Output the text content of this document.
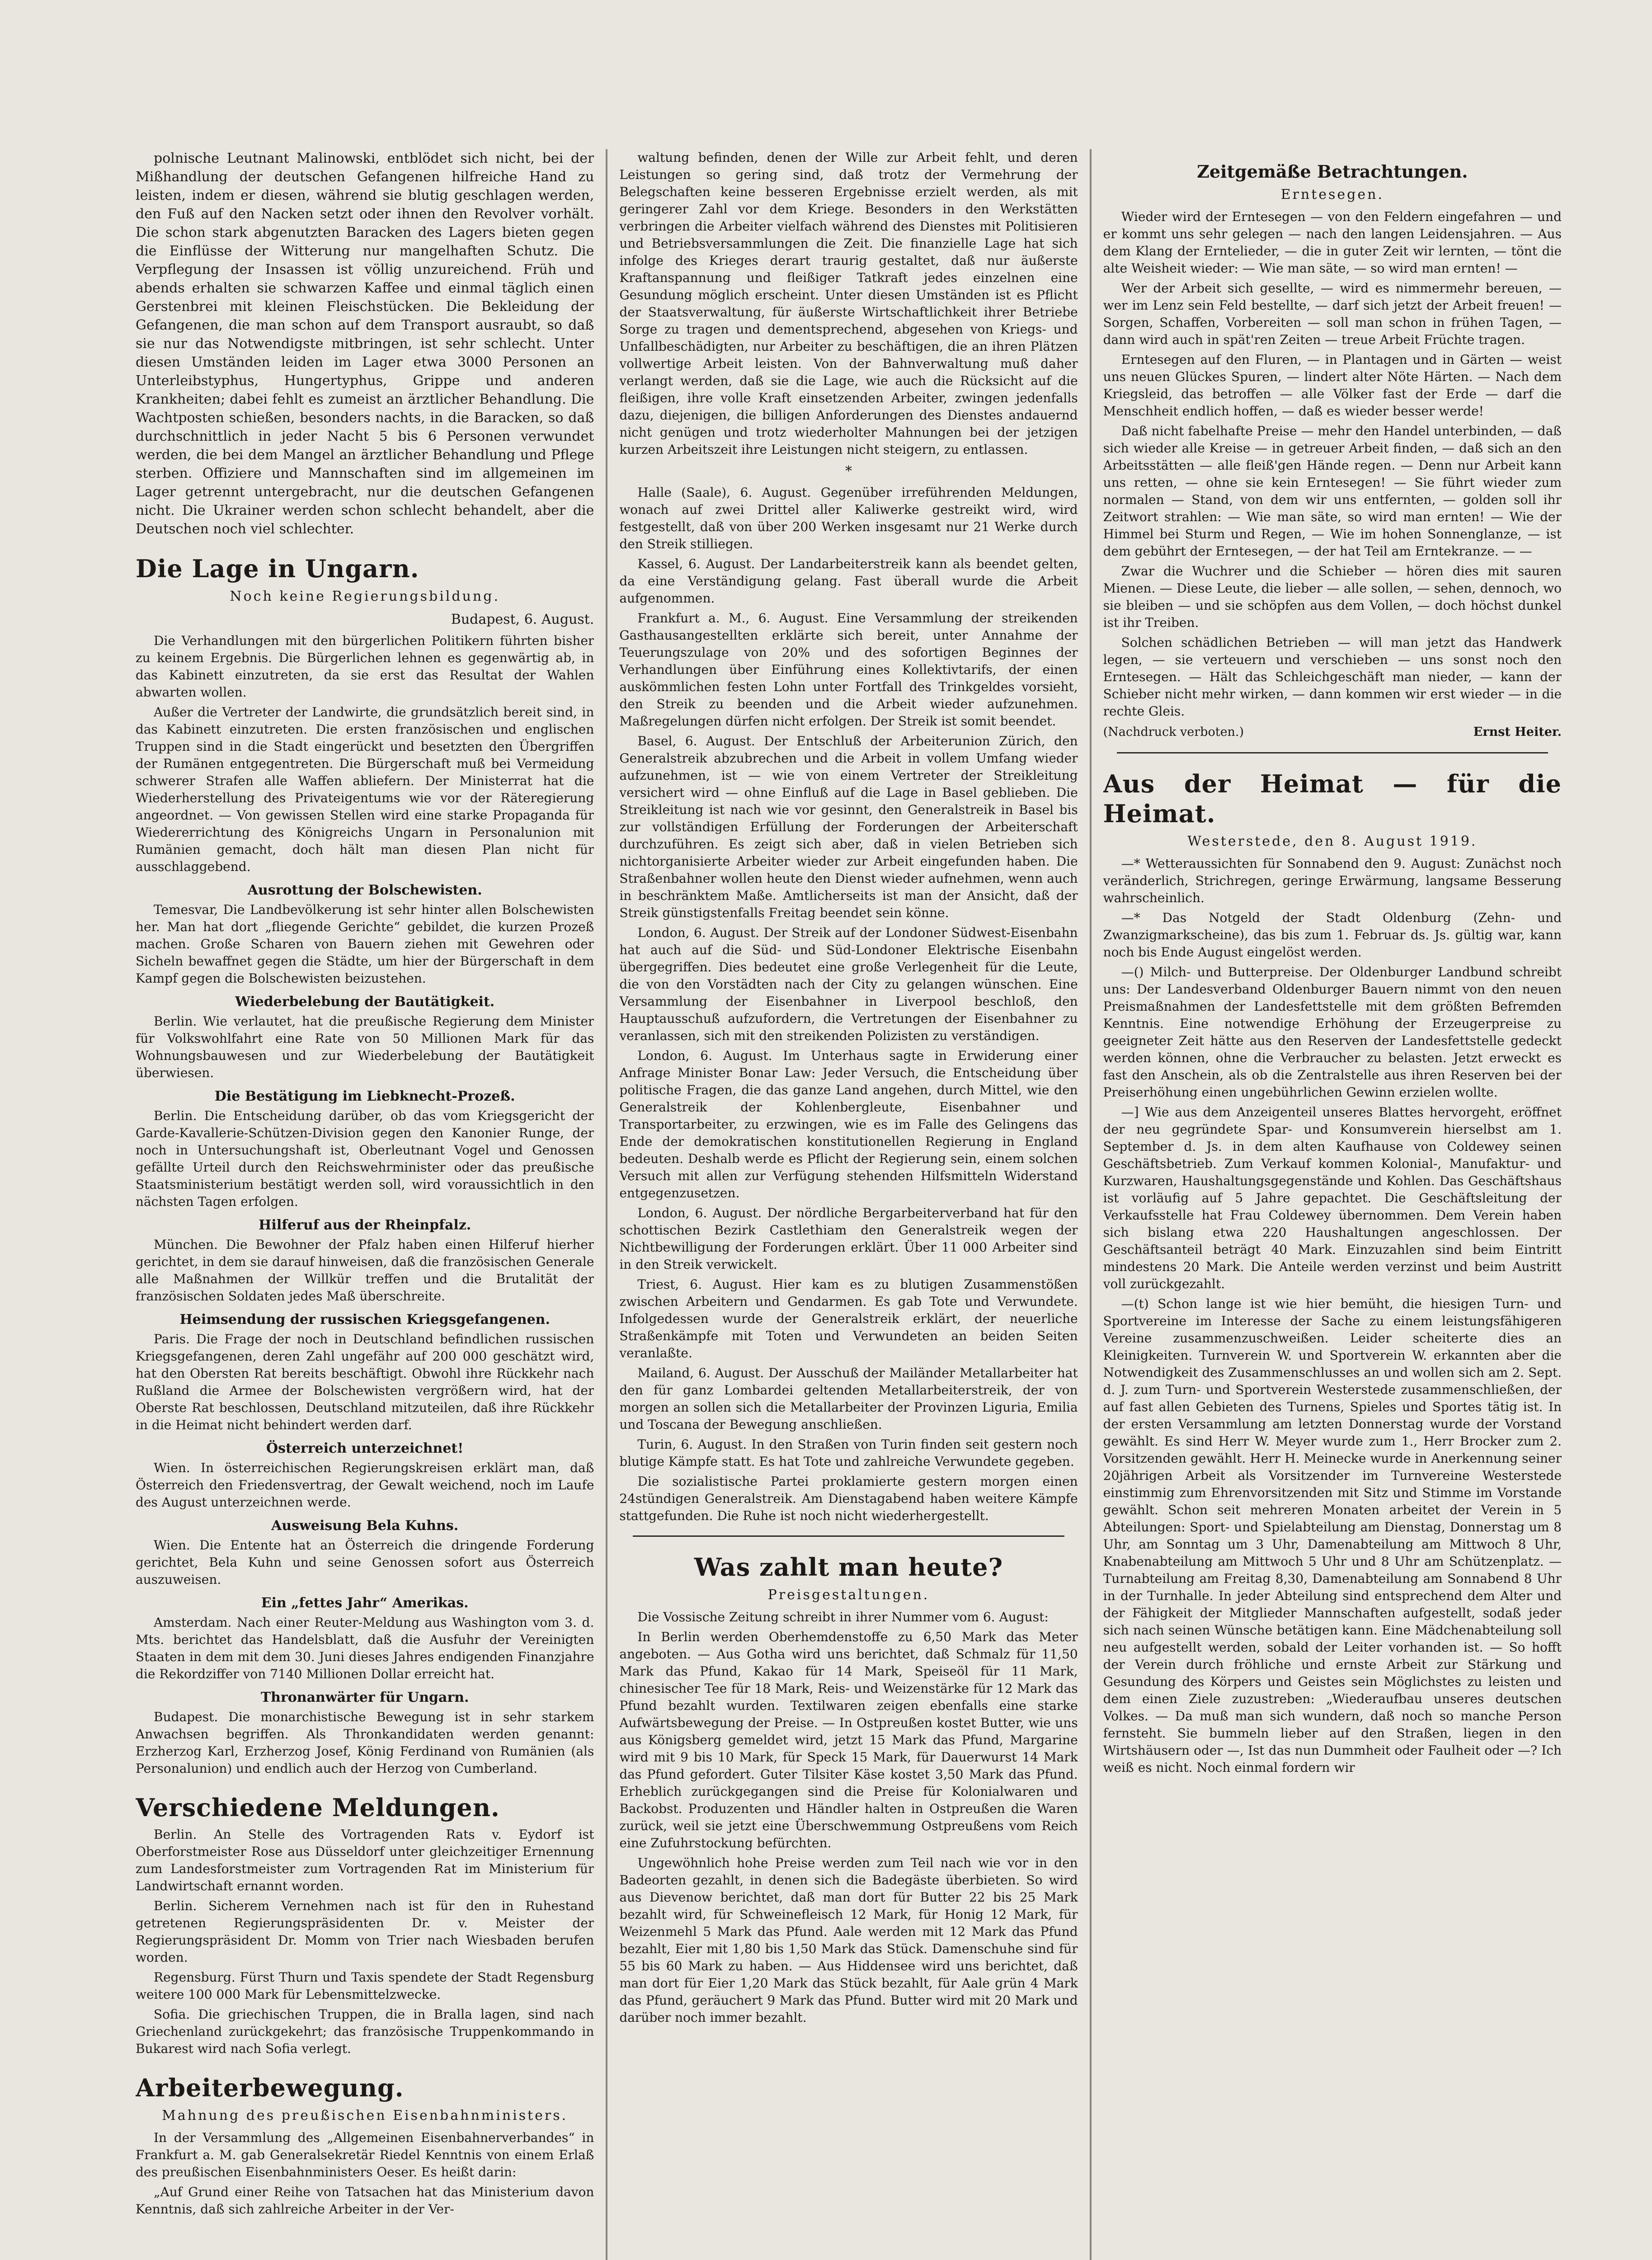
polnische Leutnant Malinowski, entblödet sich nicht, bei der Mißhandlung der deutschen Gefangenen hilfreiche Hand zu leisten, indem er diesen, während sie blutig geschlagen werden, den Fuß auf den Nacken setzt oder ihnen den Revolver vorhält. Die schon stark abgenutzten Baracken des Lagers bieten gegen die Einflüsse der Witterung nur mangelhaften Schutz. Die Verpflegung der Insassen ist völlig unzureichend. Früh und abends erhalten sie schwarzen Kaffee und einmal täglich einen Gerstenbrei mit kleinen Fleischstücken. Die Bekleidung der Gefangenen, die man schon auf dem Transport ausraubt, so daß sie nur das Notwendigste mitbringen, ist sehr schlecht. Unter diesen Umständen leiden im Lager etwa 3000 Personen an Unterleibstyphus, Hungertyphus, Grippe und anderen Krankheiten; dabei fehlt es zumeist an ärztlicher Behandlung. Die Wachtposten schießen, besonders nachts, in die Baracken, so daß durchschnittlich in jeder Nacht 5 bis 6 Personen verwundet werden, die bei dem Mangel an ärztlicher Behandlung und Pflege sterben. Offiziere und Mannschaften sind im allgemeinen im Lager getrennt untergebracht, nur die deutschen Gefangenen nicht. Die Ukrainer werden schon schlecht behandelt, aber die Deutschen noch viel schlechter.

Die Lage in Ungarn.
Noch keine Regierungsbildung.
Budapest, 6. August.

Die Verhandlungen mit den bürgerlichen Politikern führten bisher zu keinem Ergebnis. Die Bürgerlichen lehnen es gegenwärtig ab, in das Kabinett einzutreten, da sie erst das Resultat der Wahlen abwarten wollen.

Außer die Vertreter der Landwirte, die grundsätzlich bereit sind, in das Kabinett einzutreten. Die ersten französischen und englischen Truppen sind in die Stadt eingerückt und besetzten den Übergriffen der Rumänen entgegentreten. Die Bürgerschaft muß bei Vermeidung schwerer Strafen alle Waffen abliefern. Der Ministerrat hat die Wiederherstellung des Privateigentums wie vor der Räteregierung angeordnet. — Von gewissen Stellen wird eine starke Propaganda für Wiedererrichtung des Königreichs Ungarn in Personalunion mit Rumänien gemacht, doch hält man diesen Plan nicht für ausschlaggebend.

Ausrottung der Bolschewisten.

Temesvar, Die Landbevölkerung ist sehr hinter allen Bolschewisten her. Man hat dort „fliegende Gerichte“ gebildet, die kurzen Prozeß machen. Große Scharen von Bauern ziehen mit Gewehren oder Sicheln bewaffnet gegen die Städte, um hier der Bürgerschaft in dem Kampf gegen die Bolschewisten beizustehen.

Wiederbelebung der Bautätigkeit.

Berlin. Wie verlautet, hat die preußische Regierung dem Minister für Volkswohlfahrt eine Rate von 50 Millionen Mark für das Wohnungsbauwesen und zur Wiederbelebung der Bautätigkeit überwiesen.

Die Bestätigung im Liebknecht-Prozeß.

Berlin. Die Entscheidung darüber, ob das vom Kriegsgericht der Garde-Kavallerie-Schützen-Division gegen den Kanonier Runge, der noch in Untersuchungshaft ist, Oberleutnant Vogel und Genossen gefällte Urteil durch den Reichswehrminister oder das preußische Staatsministerium bestätigt werden soll, wird voraussichtlich in den nächsten Tagen erfolgen.

Hilferuf aus der Rheinpfalz.

München. Die Bewohner der Pfalz haben einen Hilferuf hierher gerichtet, in dem sie darauf hinweisen, daß die französischen Generale alle Maßnahmen der Willkür treffen und die Brutalität der französischen Soldaten jedes Maß überschreite.

Heimsendung der russischen Kriegsgefangenen.

Paris. Die Frage der noch in Deutschland befindlichen russischen Kriegsgefangenen, deren Zahl ungefähr auf 200 000 geschätzt wird, hat den Obersten Rat bereits beschäftigt. Obwohl ihre Rückkehr nach Rußland die Armee der Bolschewisten vergrößern wird, hat der Oberste Rat beschlossen, Deutschland mitzuteilen, daß ihre Rückkehr in die Heimat nicht behindert werden darf.

Österreich unterzeichnet!

Wien. In österreichischen Regierungskreisen erklärt man, daß Österreich den Friedensvertrag, der Gewalt weichend, noch im Laufe des August unterzeichnen werde.

Ausweisung Bela Kuhns.

Wien. Die Entente hat an Österreich die dringende Forderung gerichtet, Bela Kuhn und seine Genossen sofort aus Österreich auszuweisen.

Ein „fettes Jahr“ Amerikas.

Amsterdam. Nach einer Reuter-Meldung aus Washington vom 3. d. Mts. berichtet das Handelsblatt, daß die Ausfuhr der Vereinigten Staaten in dem mit dem 30. Juni dieses Jahres endigenden Finanzjahre die Rekordziffer von 7140 Millionen Dollar erreicht hat.

Thronanwärter für Ungarn.

Budapest. Die monarchistische Bewegung ist in sehr starkem Anwachsen begriffen. Als Thronkandidaten werden genannt: Erzherzog Karl, Erzherzog Josef, König Ferdinand von Rumänien (als Personalunion) und endlich auch der Herzog von Cumberland.

Verschiedene Meldungen.

Berlin. An Stelle des Vortragenden Rats v. Eydorf ist Oberforstmeister Rose aus Düsseldorf unter gleichzeitiger Ernennung zum Landesforstmeister zum Vortragenden Rat im Ministerium für Landwirtschaft ernannt worden.

Berlin. Sicherem Vernehmen nach ist für den in Ruhestand getretenen Regierungspräsidenten Dr. v. Meister der Regierungspräsident Dr. Momm von Trier nach Wiesbaden berufen worden.

Regensburg. Fürst Thurn und Taxis spendete der Stadt Regensburg weitere 100 000 Mark für Lebensmittelzwecke.

Sofia. Die griechischen Truppen, die in Bralla lagen, sind nach Griechenland zurückgekehrt; das französische Truppenkommando in Bukarest wird nach Sofia verlegt.

Arbeiterbewegung.
Mahnung des preußischen Eisenbahnministers.

In der Versammlung des „Allgemeinen Eisenbahnerverbandes“ in Frankfurt a. M. gab Generalsekretär Riedel Kenntnis von einem Erlaß des preußischen Eisenbahnministers Oeser. Es heißt darin:

„Auf Grund einer Reihe von Tatsachen hat das Ministerium davon Kenntnis, daß sich zahlreiche Arbeiter in der Ver-

waltung befinden, denen der Wille zur Arbeit fehlt, und deren Leistungen so gering sind, daß trotz der Vermehrung der Belegschaften keine besseren Ergebnisse erzielt werden, als mit geringerer Zahl vor dem Kriege. Besonders in den Werkstätten verbringen die Arbeiter vielfach während des Dienstes mit Politisieren und Betriebsversammlungen die Zeit. Die finanzielle Lage hat sich infolge des Krieges derart traurig gestaltet, daß nur äußerste Kraftanspannung und fleißiger Tatkraft jedes einzelnen eine Gesundung möglich erscheint. Unter diesen Umständen ist es Pflicht der Staatsverwaltung, für äußerste Wirtschaftlichkeit ihrer Betriebe Sorge zu tragen und dementsprechend, abgesehen von Kriegs- und Unfallbeschädigten, nur Arbeiter zu beschäftigen, die an ihren Plätzen vollwertige Arbeit leisten. Von der Bahnverwaltung muß daher verlangt werden, daß sie die Lage, wie auch die Rücksicht auf die fleißigen, ihre volle Kraft einsetzenden Arbeiter, zwingen jedenfalls dazu, diejenigen, die billigen Anforderungen des Dienstes andauernd nicht genügen und trotz wiederholter Mahnungen bei der jetzigen kurzen Arbeitszeit ihre Leistungen nicht steigern, zu entlassen.

*

Halle (Saale), 6. August. Gegenüber irreführenden Meldungen, wonach auf zwei Drittel aller Kaliwerke gestreikt wird, wird festgestellt, daß von über 200 Werken insgesamt nur 21 Werke durch den Streik stilliegen.

Kassel, 6. August. Der Landarbeiterstreik kann als beendet gelten, da eine Verständigung gelang. Fast überall wurde die Arbeit aufgenommen.

Frankfurt a. M., 6. August. Eine Versammlung der streikenden Gasthausangestellten erklärte sich bereit, unter Annahme der Teuerungszulage von 20% und des sofortigen Beginnes der Verhandlungen über Einführung eines Kollektivtarifs, der einen auskömmlichen festen Lohn unter Fortfall des Trinkgeldes vorsieht, den Streik zu beenden und die Arbeit wieder aufzunehmen. Maßregelungen dürfen nicht erfolgen. Der Streik ist somit beendet.

Basel, 6. August. Der Entschluß der Arbeiterunion Zürich, den Generalstreik abzubrechen und die Arbeit in vollem Umfang wieder aufzunehmen, ist — wie von einem Vertreter der Streikleitung versichert wird — ohne Einfluß auf die Lage in Basel geblieben. Die Streikleitung ist nach wie vor gesinnt, den Generalstreik in Basel bis zur vollständigen Erfüllung der Forderungen der Arbeiterschaft durchzuführen. Es zeigt sich aber, daß in vielen Betrieben sich nichtorganisierte Arbeiter wieder zur Arbeit eingefunden haben. Die Straßenbahner wollen heute den Dienst wieder aufnehmen, wenn auch in beschränktem Maße. Amtlicherseits ist man der Ansicht, daß der Streik günstigstenfalls Freitag beendet sein könne.

London, 6. August. Der Streik auf der Londoner Südwest-Eisenbahn hat auch auf die Süd- und Süd-Londoner Elektrische Eisenbahn übergegriffen. Dies bedeutet eine große Verlegenheit für die Leute, die von den Vorstädten nach der City zu gelangen wünschen. Eine Versammlung der Eisenbahner in Liverpool beschloß, den Hauptausschuß aufzufordern, die Vertretungen der Eisenbahner zu veranlassen, sich mit den streikenden Polizisten zu verständigen.

London, 6. August. Im Unterhaus sagte in Erwiderung einer Anfrage Minister Bonar Law: Jeder Versuch, die Entscheidung über politische Fragen, die das ganze Land angehen, durch Mittel, wie den Generalstreik der Kohlenbergleute, Eisenbahner und Transportarbeiter, zu erzwingen, wie es im Falle des Gelingens das Ende der demokratischen konstitutionellen Regierung in England bedeuten. Deshalb werde es Pflicht der Regierung sein, einem solchen Versuch mit allen zur Verfügung stehenden Hilfsmitteln Widerstand entgegenzusetzen.

London, 6. August. Der nördliche Bergarbeiterverband hat für den schottischen Bezirk Castlethiam den Generalstreik wegen der Nichtbewilligung der Forderungen erklärt. Über 11 000 Arbeiter sind in den Streik verwickelt.

Triest, 6. August. Hier kam es zu blutigen Zusammenstößen zwischen Arbeitern und Gendarmen. Es gab Tote und Verwundete. Infolgedessen wurde der Generalstreik erklärt, der neuerliche Straßenkämpfe mit Toten und Verwundeten an beiden Seiten veranlaßte.

Mailand, 6. August. Der Ausschuß der Mailänder Metallarbeiter hat den für ganz Lombardei geltenden Metallarbeiterstreik, der von morgen an sollen sich die Metallarbeiter der Provinzen Liguria, Emilia und Toscana der Bewegung anschließen.

Turin, 6. August. In den Straßen von Turin finden seit gestern noch blutige Kämpfe statt. Es hat Tote und zahlreiche Verwundete gegeben.

Die sozialistische Partei proklamierte gestern morgen einen 24stündigen Generalstreik. Am Dienstagabend haben weitere Kämpfe stattgefunden. Die Ruhe ist noch nicht wiederhergestellt.

Was zahlt man heute?
Preisgestaltungen.

Die Vossische Zeitung schreibt in ihrer Nummer vom 6. August:

In Berlin werden Oberhemdenstoffe zu 6,50 Mark das Meter angeboten. — Aus Gotha wird uns berichtet, daß Schmalz für 11,50 Mark das Pfund, Kakao für 14 Mark, Speiseöl für 11 Mark, chinesischer Tee für 18 Mark, Reis- und Weizenstärke für 12 Mark das Pfund bezahlt wurden. Textilwaren zeigen ebenfalls eine starke Aufwärtsbewegung der Preise. — In Ostpreußen kostet Butter, wie uns aus Königsberg gemeldet wird, jetzt 15 Mark das Pfund, Margarine wird mit 9 bis 10 Mark, für Speck 15 Mark, für Dauerwurst 14 Mark das Pfund gefordert. Guter Tilsiter Käse kostet 3,50 Mark das Pfund. Erheblich zurückgegangen sind die Preise für Kolonialwaren und Backobst. Produzenten und Händler halten in Ostpreußen die Waren zurück, weil sie jetzt eine Überschwemmung Ostpreußens vom Reich eine Zufuhrstockung befürchten.

Ungewöhnlich hohe Preise werden zum Teil nach wie vor in den Badeorten gezahlt, in denen sich die Badegäste überbieten. So wird aus Dievenow berichtet, daß man dort für Butter 22 bis 25 Mark bezahlt wird, für Schweinefleisch 12 Mark, für Honig 12 Mark, für Weizenmehl 5 Mark das Pfund. Aale werden mit 12 Mark das Pfund bezahlt, Eier mit 1,80 bis 1,50 Mark das Stück. Damenschuhe sind für 55 bis 60 Mark zu haben. — Aus Hiddensee wird uns berichtet, daß man dort für Eier 1,20 Mark das Stück bezahlt, für Aale grün 4 Mark das Pfund, geräuchert 9 Mark das Pfund. Butter wird mit 20 Mark und darüber noch immer bezahlt.

Zeitgemäße Betrachtungen.
Erntesegen.

Wieder wird der Erntesegen — von den Feldern eingefahren — und er kommt uns sehr gelegen — nach den langen Leidensjahren. — Aus dem Klang der Erntelieder, — die in guter Zeit wir lernten, — tönt die alte Weisheit wieder: — Wie man säte, — so wird man ernten! —

Wer der Arbeit sich gesellte, — wird es nimmermehr bereuen, — wer im Lenz sein Feld bestellte, — darf sich jetzt der Arbeit freuen! — Sorgen, Schaffen, Vorbereiten — soll man schon in frühen Tagen, — dann wird auch in spät'ren Zeiten — treue Arbeit Früchte tragen.

Erntesegen auf den Fluren, — in Plantagen und in Gärten — weist uns neuen Glückes Spuren, — lindert alter Nöte Härten. — Nach dem Kriegsleid, das betroffen — alle Völker fast der Erde — darf die Menschheit endlich hoffen, — daß es wieder besser werde!

Daß nicht fabelhafte Preise — mehr den Handel unterbinden, — daß sich wieder alle Kreise — in getreuer Arbeit finden, — daß sich an den Arbeitsstätten — alle fleiß'gen Hände regen. — Denn nur Arbeit kann uns retten, — ohne sie kein Erntesegen! — Sie führt wieder zum normalen — Stand, von dem wir uns entfernten, — golden soll ihr Zeitwort strahlen: — Wie man säte, so wird man ernten! — Wie der Himmel bei Sturm und Regen, — Wie im hohen Sonnenglanze, — ist dem gebührt der Erntesegen, — der hat Teil am Erntekranze. — —

Zwar die Wuchrer und die Schieber — hören dies mit sauren Mienen. — Diese Leute, die lieber — alle sollen, — sehen, dennoch, wo sie bleiben — und sie schöpfen aus dem Vollen, — doch höchst dunkel ist ihr Treiben.

Solchen schädlichen Betrieben — will man jetzt das Handwerk legen, — sie verteuern und verschieben — uns sonst noch den Erntesegen. — Hält das Schleichgeschäft man nieder, — kann der Schieber nicht mehr wirken, — dann kommen wir erst wieder — in die rechte Gleis.

(Nachdruck verboten.)	Ernst Heiter.
Aus der Heimat — für die Heimat.
Westerstede, den 8. August 1919.

—* Wetteraussichten für Sonnabend den 9. August: Zunächst noch veränderlich, Strichregen, geringe Erwärmung, langsame Besserung wahrscheinlich.

—* Das Notgeld der Stadt Oldenburg (Zehn- und Zwanzigmarkscheine), das bis zum 1. Februar ds. Js. gültig war, kann noch bis Ende August eingelöst werden.

—() Milch- und Butterpreise. Der Oldenburger Landbund schreibt uns: Der Landesverband Oldenburger Bauern nimmt von den neuen Preismaßnahmen der Landesfettstelle mit dem größten Befremden Kenntnis. Eine notwendige Erhöhung der Erzeugerpreise zu geeigneter Zeit hätte aus den Reserven der Landesfettstelle gedeckt werden können, ohne die Verbraucher zu belasten. Jetzt erweckt es fast den Anschein, als ob die Zentralstelle aus ihren Reserven bei der Preiserhöhung einen ungebührlichen Gewinn erzielen wollte.

—] Wie aus dem Anzeigenteil unseres Blattes hervorgeht, eröffnet der neu gegründete Spar- und Konsumverein hierselbst am 1. September d. Js. in dem alten Kaufhause von Coldewey seinen Geschäftsbetrieb. Zum Verkauf kommen Kolonial-, Manufaktur- und Kurzwaren, Haushaltungsgegenstände und Kohlen. Das Geschäftshaus ist vorläufig auf 5 Jahre gepachtet. Die Geschäftsleitung der Verkaufsstelle hat Frau Coldewey übernommen. Dem Verein haben sich bislang etwa 220 Haushaltungen angeschlossen. Der Geschäftsanteil beträgt 40 Mark. Einzuzahlen sind beim Eintritt mindestens 20 Mark. Die Anteile werden verzinst und beim Austritt voll zurückgezahlt.

—(t) Schon lange ist wie hier bemüht, die hiesigen Turn- und Sportvereine im Interesse der Sache zu einem leistungsfähigeren Vereine zusammenzuschweißen. Leider scheiterte dies an Kleinigkeiten. Turnverein W. und Sportverein W. erkannten aber die Notwendigkeit des Zusammenschlusses an und wollen sich am 2. Sept. d. J. zum Turn- und Sportverein Westerstede zusammenschließen, der auf fast allen Gebieten des Turnens, Spieles und Sportes tätig ist. In der ersten Versammlung am letzten Donnerstag wurde der Vorstand gewählt. Es sind Herr W. Meyer wurde zum 1., Herr Brocker zum 2. Vorsitzenden gewählt. Herr H. Meinecke wurde in Anerkennung seiner 20jährigen Arbeit als Vorsitzender im Turnvereine Westerstede einstimmig zum Ehrenvorsitzenden mit Sitz und Stimme im Vorstande gewählt. Schon seit mehreren Monaten arbeitet der Verein in 5 Abteilungen: Sport- und Spielabteilung am Dienstag, Donnerstag um 8 Uhr, am Sonntag um 3 Uhr, Damenabteilung am Mittwoch 8 Uhr, Knabenabteilung am Mittwoch 5 Uhr und 8 Uhr am Schützenplatz. — Turnabteilung am Freitag 8,30, Damenabteilung am Sonnabend 8 Uhr in der Turnhalle. In jeder Abteilung sind entsprechend dem Alter und der Fähigkeit der Mitglieder Mannschaften aufgestellt, sodaß jeder sich nach seinen Wünsche betätigen kann. Eine Mädchenabteilung soll neu aufgestellt werden, sobald der Leiter vorhanden ist. — So hofft der Verein durch fröhliche und ernste Arbeit zur Stärkung und Gesundung des Körpers und Geistes sein Möglichstes zu leisten und dem einen Ziele zuzustreben: „Wiederaufbau unseres deutschen Volkes. — Da muß man sich wundern, daß noch so manche Person fernsteht. Sie bummeln lieber auf den Straßen, liegen in den Wirtshäusern oder —, Ist das nun Dummheit oder Faulheit oder —? Ich weiß es nicht. Noch einmal fordern wir
